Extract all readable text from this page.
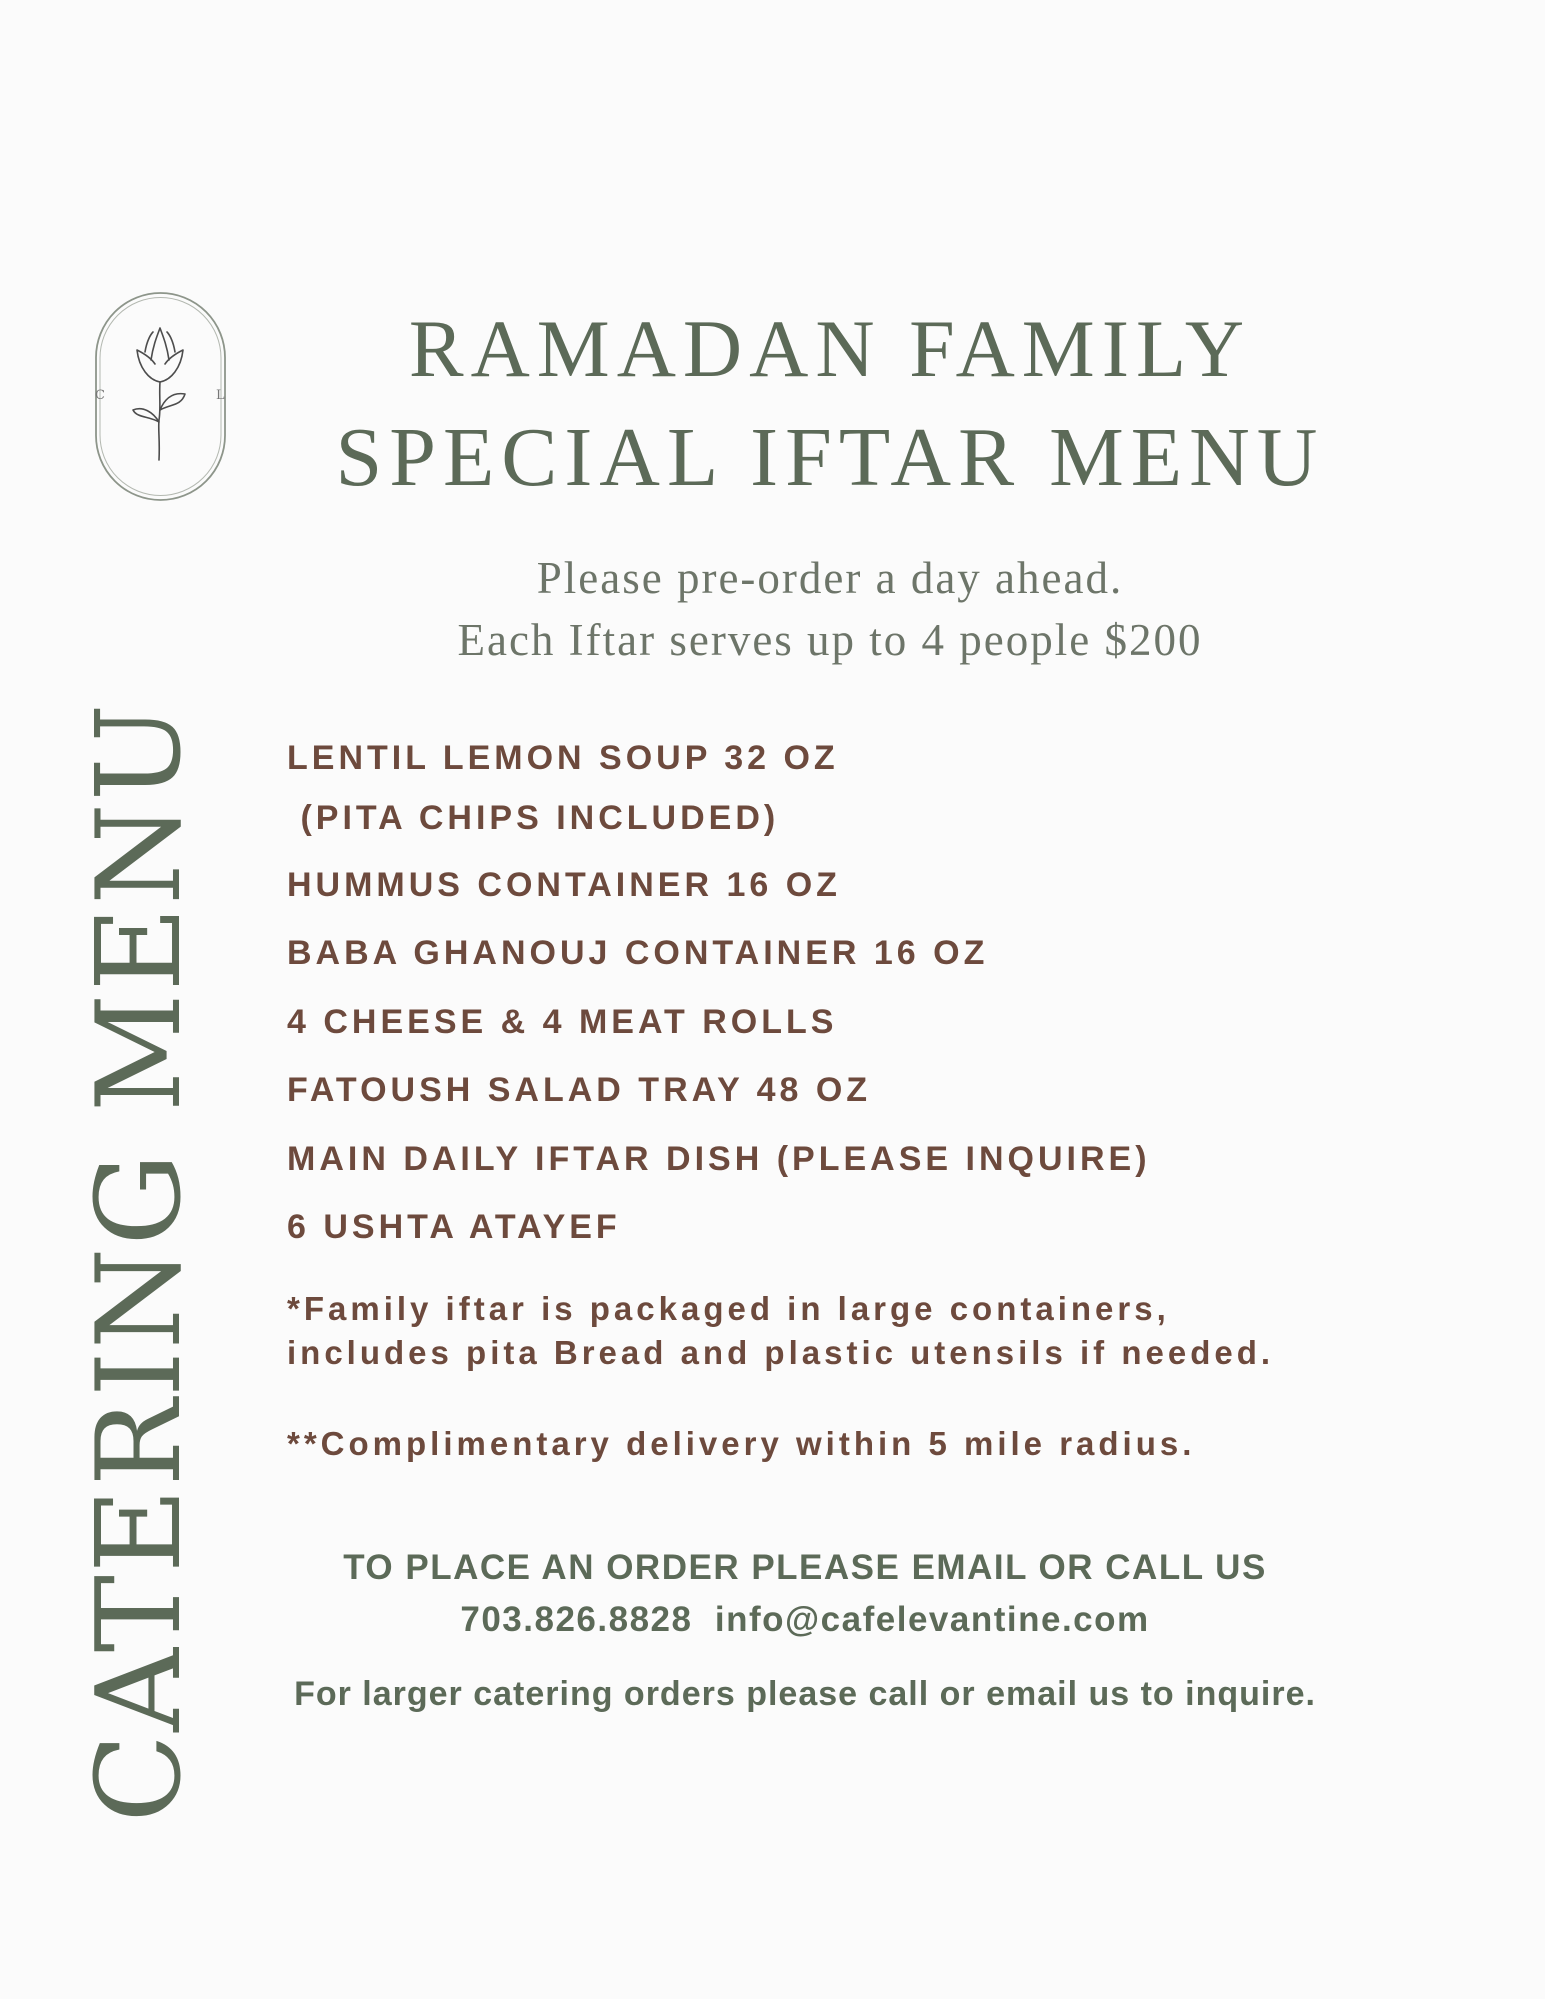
C	L
CATERING MENU
RAMADAN FAMILY
SPECIAL IFTAR MENU
Please pre-order a day ahead.
Each Iftar serves up to 4 people $200
LENTIL LEMON SOUP 32 OZ
(PITA CHIPS INCLUDED)
HUMMUS CONTAINER 16 OZ
BABA GHANOUJ CONTAINER 16 OZ
4 CHEESE & 4 MEAT ROLLS
FATOUSH SALAD TRAY 48 OZ
MAIN DAILY IFTAR DISH (PLEASE INQUIRE)
6 USHTA ATAYEF
*Family iftar is packaged in large containers,
includes pita Bread and plastic utensils if needed.
**Complimentary delivery within 5 mile radius.
TO PLACE AN ORDER PLEASE EMAIL OR CALL US
703.826.8828  info@cafelevantine.com
For larger catering orders please call or email us to inquire.
